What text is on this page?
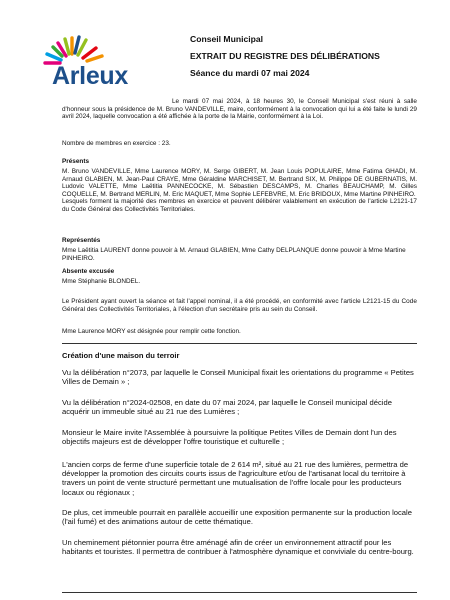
Arleux
Conseil Municipal
EXTRAIT DU REGISTRE DES DÉLIBÉRATIONS
Séance du mardi 07 mai 2024
Le mardi 07 mai 2024, à 18 heures 30, le Conseil Municipal s'est réuni à salle d'honneur sous la présidence de M. Bruno VANDEVILLE, maire, conformément à la convocation qui lui a été faite le lundi 29 avril 2024, laquelle convocation a été affichée à la porte de la Mairie, conformément à la Loi.
Nombre de membres en exercice : 23.
Présents
M. Bruno VANDEVILLE, Mme Laurence MORY, M. Serge GIBERT, M. Jean Louis POPULAIRE, Mme Fatima GHADI, M. Arnaud GLABIEN, M. Jean-Paul CRAYE, Mme Géraldine MARCHISET, M. Bertrand SIX, M. Philippe DE GUBERNATIS, M. Ludovic VALETTE, Mme Laëtitia PANNECOCKE, M. Sébastien DESCAMPS, M. Charles BEAUCHAMP, M. Gilles COQUELLE, M. Bertrand MERLIN, M. Eric MAQUET, Mme Sophie LEFEBVRE, M. Eric BRIDOUX, Mme Martine PINHEIRO.
Lesquels forment la majorité des membres en exercice et peuvent délibérer valablement en exécution de l'article L2121-17 du Code Général des Collectivités Territoriales.
Représentés
Mme Laëtitia LAURENT donne pouvoir à M. Arnaud GLABIEN, Mme Cathy DELPLANQUE donne pouvoir à Mme Martine PINHEIRO.
Absente excusée
Mme Stéphanie BLONDEL.
Le Président ayant ouvert la séance et fait l'appel nominal, il a été procédé, en conformité avec l'article L2121-15 du Code Général des Collectivités Territoriales, à l'élection d'un secrétaire pris au sein du Conseil.
Mme Laurence MORY est désignée pour remplir cette fonction.
Création d'une maison du terroir
Vu la délibération n°2073, par laquelle le Conseil Municipal fixait les orientations du programme « Petites Villes de Demain » ;
Vu la délibération n°2024-02508, en date du 07 mai 2024, par laquelle le Conseil municipal décide acquérir un immeuble situé au 21 rue des Lumières ;
Monsieur le Maire invite l'Assemblée à poursuivre la politique Petites Villes de Demain dont l'un des objectifs majeurs est de développer l'offre touristique et culturelle ;
L'ancien corps de ferme d'une superficie totale de 2 614 m², situé au 21 rue des lumières, permettra de développer la promotion des circuits courts issus de l'agriculture et/ou de l'artisanat local du territoire à travers un point de vente structuré permettant une mutualisation de l'offre locale pour les producteurs locaux ou régionaux ;
De plus, cet immeuble pourrait en parallèle accueillir une exposition permanente sur la production locale (l'ail fumé) et des animations autour de cette thématique.
Un cheminement piétonnier pourra être aménagé afin de créer un environnement attractif pour les habitants et touristes. Il permettra de contribuer à l'atmosphère dynamique et conviviale du centre-bourg.
